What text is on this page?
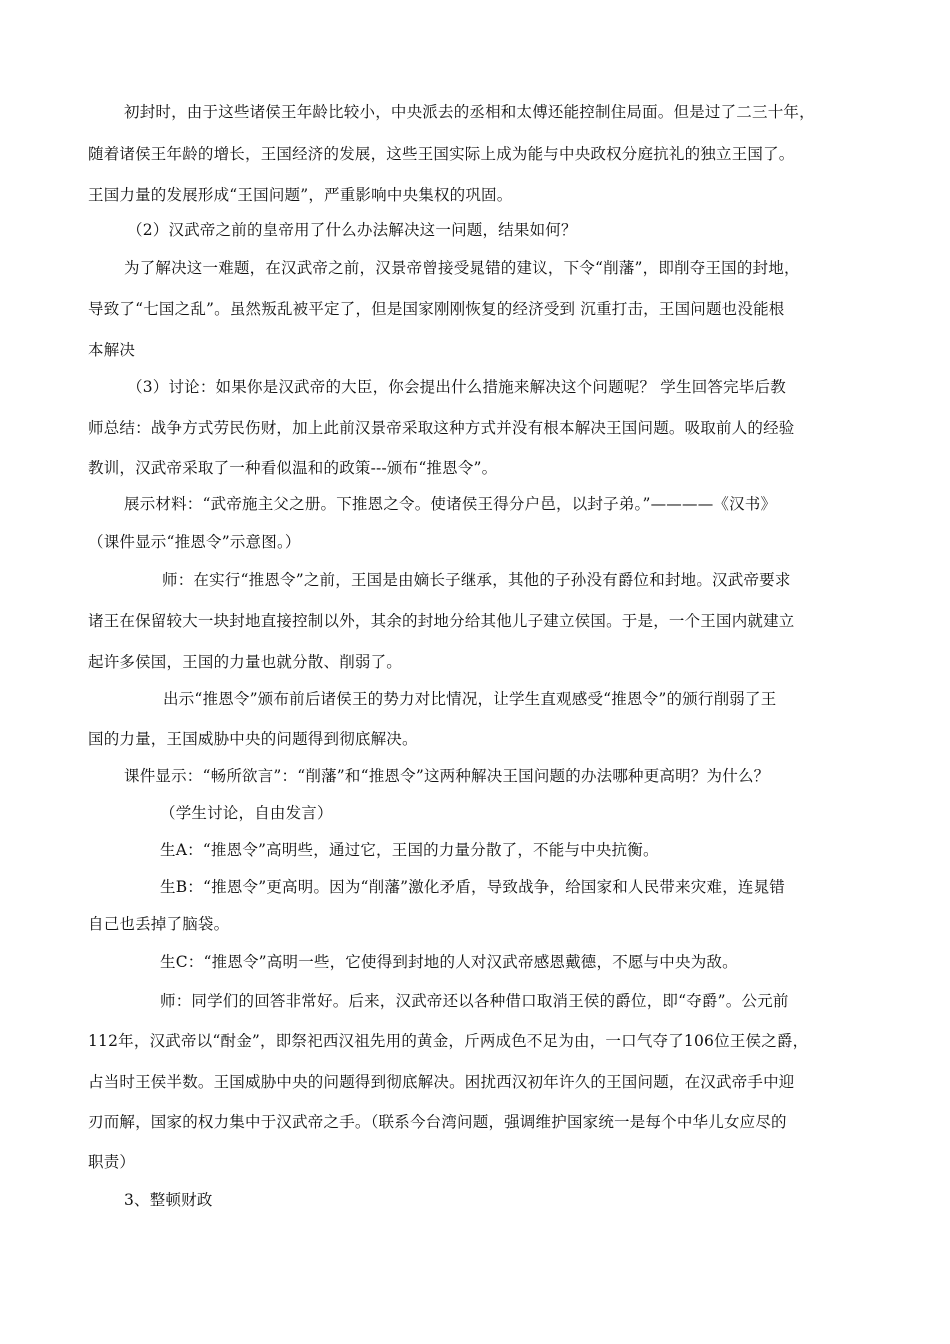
初封时，由于这些诸侯王年龄比较小，中央派去的丞相和太傅还能控制住局面。但是过了二三十年，
随着诸侯王年龄的增长，王国经济的发展，这些王国实际上成为能与中央政权分庭抗礼的独立王国了。
王国力量的发展形成“王国问题”，严重影响中央集权的巩固。
（2）汉武帝之前的皇帝用了什么办法解决这一问题，结果如何？
为了解决这一难题，在汉武帝之前，汉景帝曾接受晁错的建议，下令“削藩”，即削夺王国的封地，
导致了“七国之乱”。虽然叛乱被平定了，但是国家刚刚恢复的经济受到 沉重打击，王国问题也没能根
本解决
（3）讨论：如果你是汉武帝的大臣，你会提出什么措施来解决这个问题呢？ 学生回答完毕后教
师总结：战争方式劳民伤财，加上此前汉景帝采取这种方式并没有根本解决王国问题。吸取前人的经验
教训，汉武帝采取了一种看似温和的政策---颁布“推恩令”。
展示材料：“武帝施主父之册。下推恩之令。使诸侯王得分户邑，以封子弟。”————《汉书》
（课件显示“推恩令”示意图。）
师：在实行“推恩令”之前，王国是由嫡长子继承，其他的子孙没有爵位和封地。汉武帝要求
诸王在保留较大一块封地直接控制以外，其余的封地分给其他儿子建立侯国。于是，一个王国内就建立
起许多侯国，王国的力量也就分散、削弱了。
出示“推恩令”颁布前后诸侯王的势力对比情况，让学生直观感受“推恩令”的颁行削弱了王
国的力量，王国威胁中央的问题得到彻底解决。
课件显示：“畅所欲言”：“削藩”和“推恩令”这两种解决王国问题的办法哪种更高明？为什么？
（学生讨论，自由发言）
生A：“推恩令”高明些，通过它，王国的力量分散了，不能与中央抗衡。
生B：“推恩令”更高明。因为“削藩”激化矛盾，导致战争，给国家和人民带来灾难，连晁错
自己也丢掉了脑袋。
生C：“推恩令”高明一些，它使得到封地的人对汉武帝感恩戴德，不愿与中央为敌。
师：同学们的回答非常好。后来，汉武帝还以各种借口取消王侯的爵位，即“夺爵”。公元前
112年，汉武帝以“酎金”，即祭祀西汉祖先用的黄金，斤两成色不足为由，一口气夺了106位王侯之爵，
占当时王侯半数。王国威胁中央的问题得到彻底解决。困扰西汉初年许久的王国问题，在汉武帝手中迎
刃而解，国家的权力集中于汉武帝之手。（联系今台湾问题，强调维护国家统一是每个中华儿女应尽的
职责）
3、整顿财政
